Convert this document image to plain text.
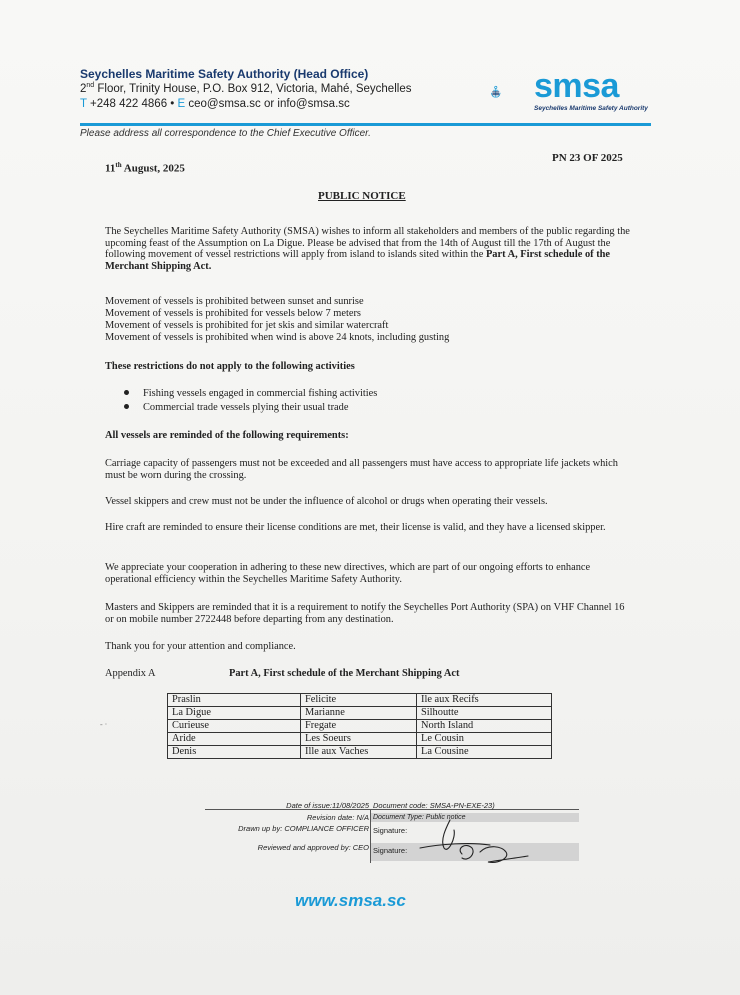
Seychelles Maritime Safety Authority (Head Office)
2nd Floor, Trinity House, P.O. Box 912, Victoria, Mahé, Seychelles
T +248 422 4866 • E ceo@smsa.sc or info@smsa.sc	smsa
Seychelles Maritime Safety Authority
Please address all correspondence to the Chief Executive Officer.
11th August, 2025
PN 23 OF 2025
PUBLIC NOTICE
The Seychelles Maritime Safety Authority (SMSA) wishes to inform all stakeholders and members of the public regarding the upcoming feast of the Assumption on La Digue. Please be advised that from the 14th of August till the 17th of August the following movement of vessel restrictions will apply from island to islands sited within the Part A, First schedule of the Merchant Shipping Act.
Movement of vessels is prohibited between sunset and sunrise
Movement of vessels is prohibited for vessels below 7 meters
Movement of vessels is prohibited for jet skis and similar watercraft
Movement of vessels is prohibited when wind is above 24 knots, including gusting
These restrictions do not apply to the following activities
Fishing vessels engaged in commercial fishing activities
Commercial trade vessels plying their usual trade
All vessels are reminded of the following requirements:
Carriage capacity of passengers must not be exceeded and all passengers must have access to appropriate life jackets which must be worn during the crossing.
Vessel skippers and crew must not be under the influence of alcohol or drugs when operating their vessels.
Hire craft are reminded to ensure their license conditions are met, their license is valid, and they have a licensed skipper.
We appreciate your cooperation in adhering to these new directives, which are part of our ongoing efforts to enhance operational efficiency within the Seychelles Maritime Safety Authority.
Masters and Skippers are reminded that it is a requirement to notify the Seychelles Port Authority (SPA) on VHF Channel 16 or on mobile number 2722448 before departing from any destination.
Thank you for your attention and compliance.
Appendix A	Part A, First schedule of the Merchant Shipping Act
- ·
Praslin	Felicite	Ile aux Recifs
La Digue	Marianne	Silhoutte
Curieuse	Fregate	North Island
Aride	Les Soeurs	Le Cousin
Denis	Ille aux Vaches	La Cousine
Date of issue:11/08/2025
Revision date: N/A
Drawn up by: COMPLIANCE OFFICER
Reviewed and approved by: CEO
Document code: SMSA-PN-EXE-23)
Document Type: Public notice
Signature:
Signature:
www.smsa.sc
